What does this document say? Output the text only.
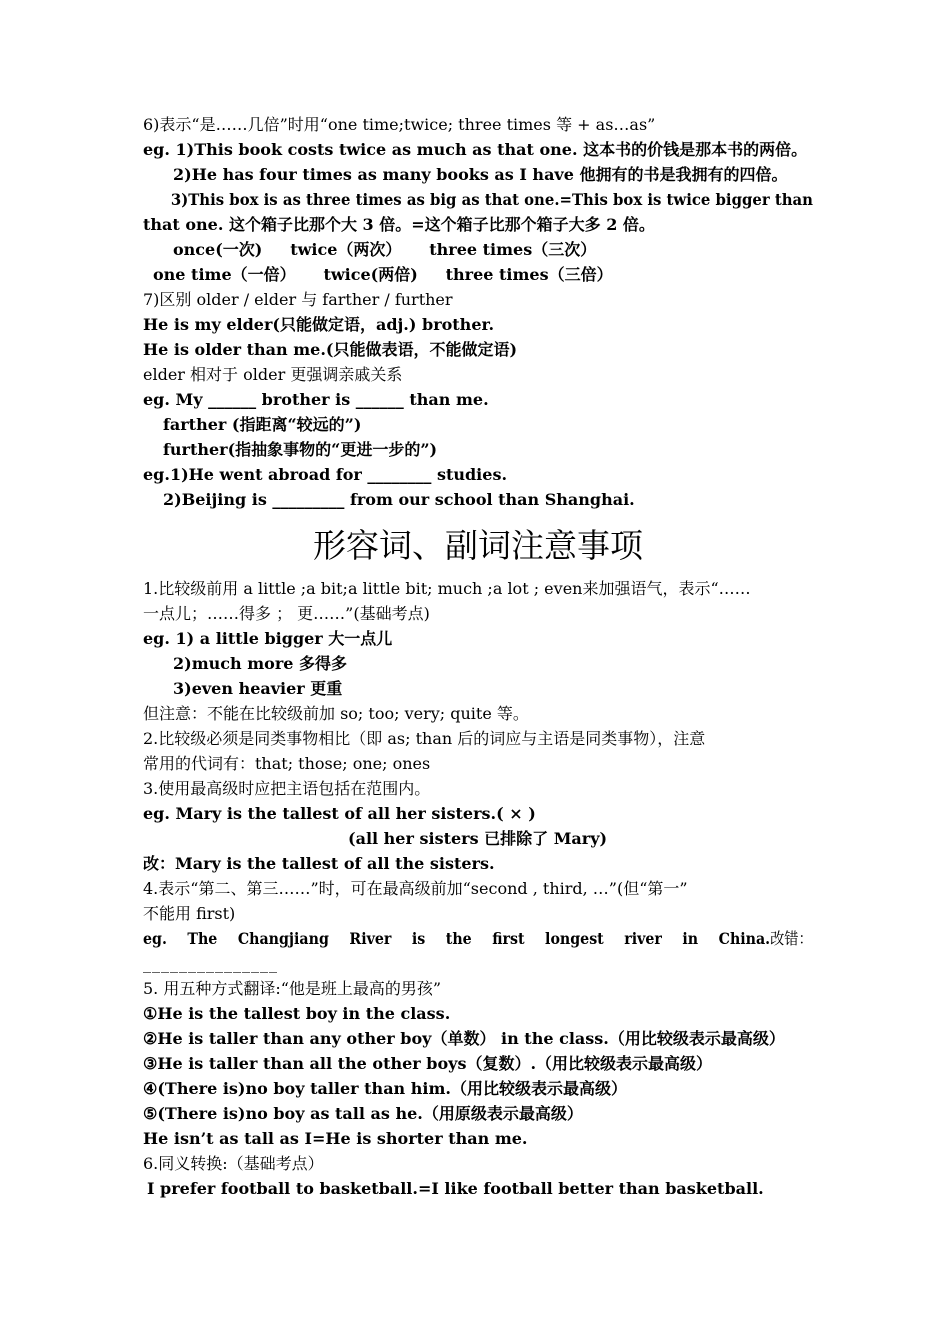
6)表示“是……几倍”时用“one time;twice; three times 等 + as…as”
eg. 1)This book costs twice as much as that one. 这本书的价钱是那本书的两倍。
2)He has four times as many books as I have 他拥有的书是我拥有的四倍。
3)This box is as three times as big as that one.=This box is twice bigger than
that one. 这个箱子比那个大 3 倍。=这个箱子比那个箱子大多 2 倍。
once(一次)     twice（两次）     three times（三次）
one time（一倍）     twice(两倍)     three times（三倍）
7)区别 older / elder 与 farther / further
He is my elder(只能做定语，adj.) brother.
He is older than me.(只能做表语，不能做定语)
elder 相对于 older 更强调亲戚关系
eg. My ______ brother is ______ than me.
farther (指距离“较远的”)
further(指抽象事物的“更进一步的”)
eg.1)He went abroad for ________ studies.
2)Beijing is _________ from our school than Shanghai.
形容词、副词注意事项
1.比较级前用 a little ;a bit;a little bit; much ;a lot ; even来加强语气，表示“……
一点儿；……得多 ； 更……”(基础考点)
eg. 1) a little bigger 大一点儿
2)much more 多得多
3)even heavier 更重
但注意：不能在比较级前加 so; too; very; quite 等。
2.比较级必须是同类事物相比（即 as; than 后的词应与主语是同类事物），注意
常用的代词有：that; those; one; ones
3.使用最高级时应把主语包括在范围内。
eg. Mary is the tallest of all her sisters.( × )
(all her sisters 已排除了 Mary)
改：Mary is the tallest of all the sisters.
4.表示“第二、第三……”时，可在最高级前加“second , third, …”(但“第一”
不能用 first)
eg.  The  Changjiang  River  is  the  first  longest  river  in  China. 改错：
_______________
5. 用五种方式翻译:“他是班上最高的男孩”
①He is the tallest boy in the class.
②He is taller than any other boy（单数） in the class.（用比较级表示最高级）
③He is taller than all the other boys（复数）.（用比较级表示最高级）
④(There is)no boy taller than him.（用比较级表示最高级）
⑤(There is)no boy as tall as he.（用原级表示最高级）
He isn’t as tall as I=He is shorter than me.
6.同义转换:（基础考点）
I prefer football to basketball.=I like football better than basketball.
